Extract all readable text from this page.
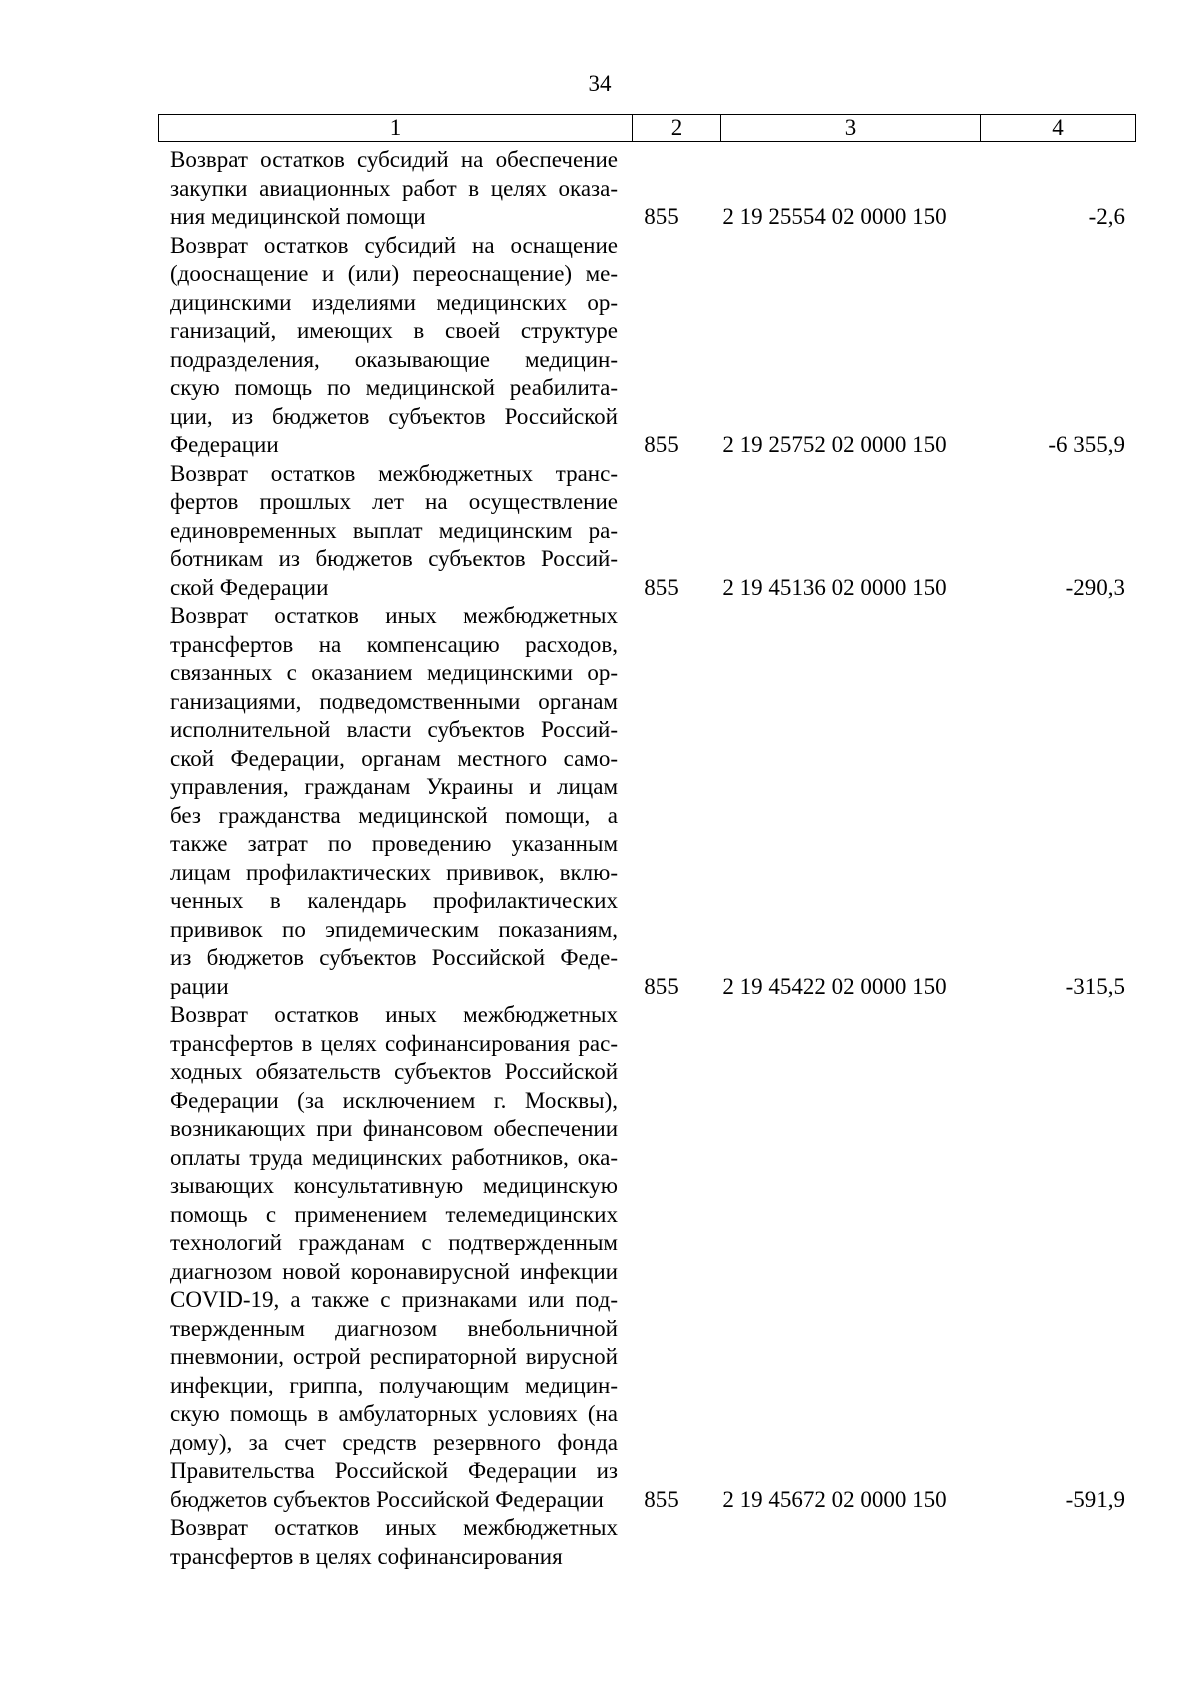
34
1	2	3	4
Возврат остатков субсидий на обеспечение
закупки авиационных работ в целях оказа-
ния медицинской помощи	855	2 19 25554 02 0000 150	-2,6
Возврат остатков субсидий на оснащение
(дооснащение и (или) переоснащение) ме-
дицинскими изделиями медицинских ор-
ганизаций, имеющих в своей структуре
подразделения, оказывающие медицин-
скую помощь по медицинской реабилита-
ции, из бюджетов субъектов Российской
Федерации	855	2 19 25752 02 0000 150	-6 355,9
Возврат остатков межбюджетных транс-
фертов прошлых лет на осуществление
единовременных выплат медицинским ра-
ботникам из бюджетов субъектов Россий-
ской Федерации	855	2 19 45136 02 0000 150	-290,3
Возврат остатков иных межбюджетных
трансфертов на компенсацию расходов,
связанных с оказанием медицинскими ор-
ганизациями, подведомственными органам
исполнительной власти субъектов Россий-
ской Федерации, органам местного само-
управления, гражданам Украины и лицам
без гражданства медицинской помощи, а
также затрат по проведению указанным
лицам профилактических прививок, вклю-
ченных в календарь профилактических
прививок по эпидемическим показаниям,
из бюджетов субъектов Российской Феде-
рации	855	2 19 45422 02 0000 150	-315,5
Возврат остатков иных межбюджетных
трансфертов в целях софинансирования рас-
ходных обязательств субъектов Российской
Федерации (за исключением г. Москвы),
возникающих при финансовом обеспечении
оплаты труда медицинских работников, ока-
зывающих консультативную медицинскую
помощь с применением телемедицинских
технологий гражданам с подтвержденным
диагнозом новой коронавирусной инфекции
COVID-19, а также с признаками или под-
твержденным диагнозом внебольничной
пневмонии, острой респираторной вирусной
инфекции, гриппа, получающим медицин-
скую помощь в амбулаторных условиях (на
дому), за счет средств резервного фонда
Правительства Российской Федерации из
бюджетов субъектов Российской Федерации	855	2 19 45672 02 0000 150	-591,9
Возврат остатков иных межбюджетных
трансфертов в целях софинансирования
